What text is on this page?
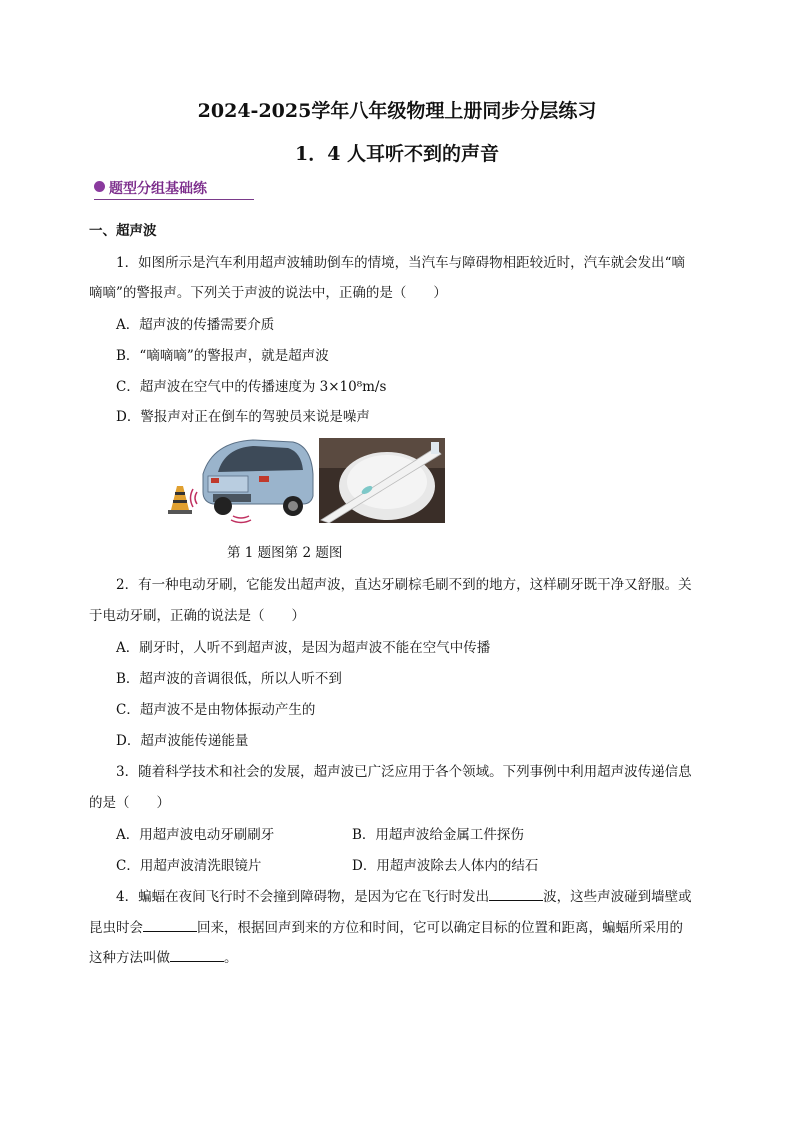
2024-2025学年八年级物理上册同步分层练习
1．4 人耳听不到的声音
题型分组基础练
一、超声波
1．如图所示是汽车利用超声波辅助倒车的情境，当汽车与障碍物相距较近时，汽车就会发出“嘀
嘀嘀”的警报声。下列关于声波的说法中，正确的是（　　）
A．超声波的传播需要介质
B．“嘀嘀嘀”的警报声，就是超声波
C．超声波在空气中的传播速度为 3×10⁸m/s
D．警报声对正在倒车的驾驶员来说是噪声
第 1 题图第 2 题图
2．有一种电动牙刷，它能发出超声波，直达牙刷棕毛刷不到的地方，这样刷牙既干净又舒服。关
于电动牙刷，正确的说法是（　　）
A．刷牙时，人听不到超声波，是因为超声波不能在空气中传播
B．超声波的音调很低，所以人听不到
C．超声波不是由物体振动产生的
D．超声波能传递能量
3．随着科学技术和社会的发展，超声波已广泛应用于各个领域。下列事例中利用超声波传递信息
的是（　　）
A．用超声波电动牙刷刷牙	B．用超声波给金属工件探伤
C．用超声波清洗眼镜片	D．用超声波除去人体内的结石
4．蝙蝠在夜间飞行时不会撞到障碍物，是因为它在飞行时发出	波，这些声波碰到墙壁或
昆虫时会	回来，根据回声到来的方位和时间，它可以确定目标的位置和距离，蝙蝠所采用的
这种方法叫做	。
